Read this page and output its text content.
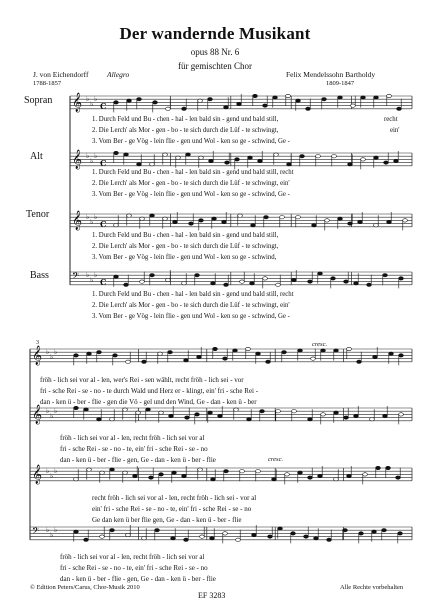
Der wandernde Musikant
opus 88 Nr. 6
für gemischten Chor
J. von Eichendorff
1788-1857
Allegro	Felix Mendelssohn Bartholdy
1809-1847
Sopran
Alt
Tenor
Bass
𝄞 ♭
♭
♭
C
𝄞 ♭
♭
♭
C
𝄞 ♭
♭
♭
C
𝄢 ♭
♭
♭
C
𝄞 ♭
♭
♭
𝄞 ♭
♭
♭
𝄞 ♭
♭
♭
𝄢 ♭
♭
♭
1. Durch Feld und Bu - chen - hal - len bald sin - gend und bald still,
2. Die Lerch' als Mor - gen - bo - te sich durch die Lüf - te schwingt,
3. Vom Ber - ge Vög - lein flie - gen und Wol - ken so ge - schwind, Ge -
recht
ein'
1. Durch Feld und Bu - chen - hal - len bald sin - gend und bald still, recht
2. Die Lerch' als Mor - gen - bo - te sich durch die Lüf - te schwingt, ein'
3. Vom Ber - ge Vög - lein flie - gen und Wol - ken so ge - schwind, Ge -
1. Durch Feld und Bu - chen - hal - len bald sin - gend und bald still,
2. Die Lerch' als Mor - gen - bo - te sich durch die Lüf - te schwingt,
3. Vom Ber - ge Vög - lein flie - gen und Wol - ken so ge - schwind,
1. Durch Feld und Bu - chen - hal - len bald sin - gend und bald still, recht
2. Die Lerch' als Mor - gen - bo - te sich durch die Lüf - te schwingt, ein'
3. Vom Ber - ge Vög - lein flie - gen und Wol - ken so ge - schwind, Ge -
3	cresc.
cresc.
fröh - lich sei vor al - len, wer's Rei - sen wählt, recht fröh - lich sei - vor
fri - sche Rei - se - no - te durch Wald und Herz er - klingt, ein' fri - sche Rei -
dan - ken ü - ber - flie - gen die Vö - gel und den Wind, Ge - dan - ken ü - ber
fröh - lich sei vor al - len, recht fröh - lich sei vor al
fri - sche Rei - se - no - te, ein' fri - sche Rei - se - no
dan - ken ü - ber - flie - gen, Ge - dan - ken ü - ber - flie
recht fröh - lich sei vor al - len, recht fröh - lich sei - vor al
ein' fri - sche Rei - se - no - te, ein' fri - sche Rei - se - no
Ge dan ken ü ber flie gen, Ge - dan - ken ü - ber - flie
fröh - lich sei vor al - len, recht fröh - lich sei vor al
fri - sche Rei - se - no - te, ein' fri - sche Rei - se - no
dan - ken ü - ber - flie - gen, Ge - dan - ken ü - ber - flie
© Edition Peters/Carus, Chor-Musik 2010
EF 3283
Alle Rechte vorbehalten
